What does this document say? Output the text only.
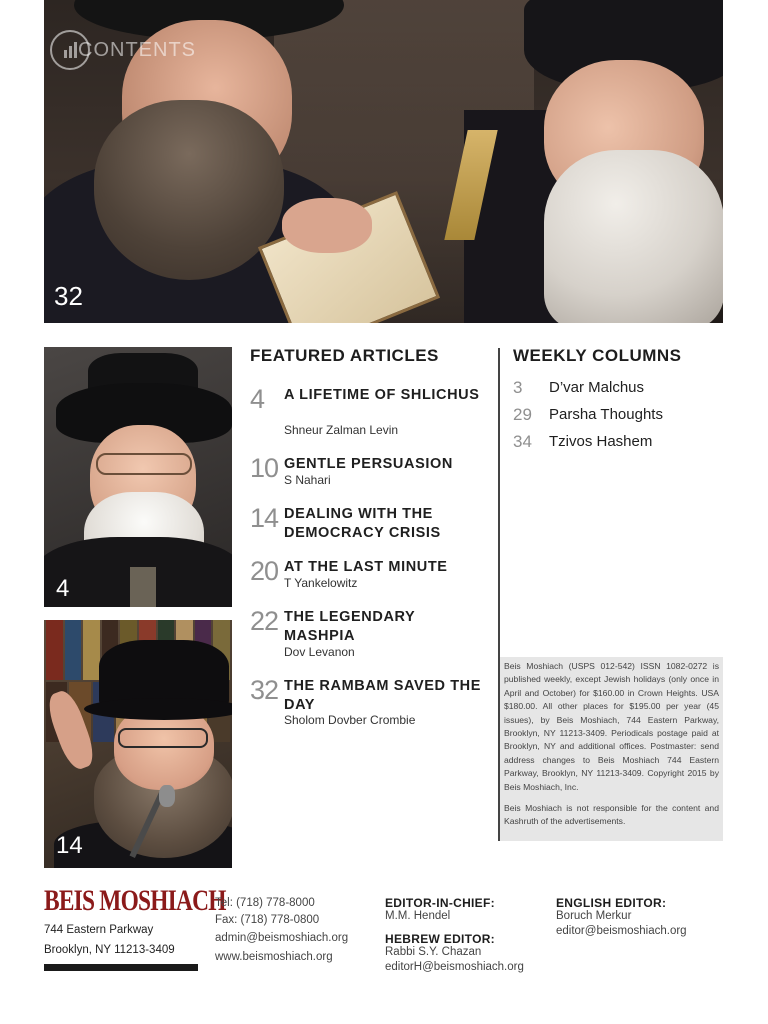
CONTENTS
32
4
14
FEATURED ARTICLES
4 A LIFETIME OF SHLICHUS
Shneur Zalman Levin
10 GENTLE PERSUASION
S Nahari
14 DEALING WITH THE DEMOCRACY CRISIS
20 AT THE LAST MINUTE
T Yankelowitz
22 THE LEGENDARY MASHPIA
Dov Levanon
32 THE RAMBAM SAVED THE DAY
Sholom Dovber Crombie
WEEKLY COLUMNS
3 D’var Malchus
29 Parsha Thoughts
34 Tzivos Hashem

Beis Moshiach (USPS 012-542) ISSN 1082-0272 is published weekly, except Jewish holidays (only once in April and October) for $160.00 in Crown Heights. USA $180.00. All other places for $195.00 per year (45 issues), by Beis Moshiach, 744 Eastern Parkway, Brooklyn, NY 11213-3409. Periodicals postage paid at Brooklyn, NY and additional offices. Postmaster: send address changes to Beis Moshiach 744 Eastern Parkway, Brooklyn, NY 11213-3409. Copyright 2015 by Beis Moshiach, Inc.

Beis Moshiach is not responsible for the content and Kashruth of the advertisements.

BEIS MOSHIACH
744 Eastern Parkway
Brooklyn, NY 11213-3409
Tel: (718) 778-8000
Fax: (718) 778-0800
admin@beismoshiach.org
www.beismoshiach.org
EDITOR-IN-CHIEF:
M.M. Hendel
HEBREW EDITOR:
Rabbi S.Y. Chazan
editorH@beismoshiach.org
ENGLISH EDITOR:
Boruch Merkur
editor@beismoshiach.org
